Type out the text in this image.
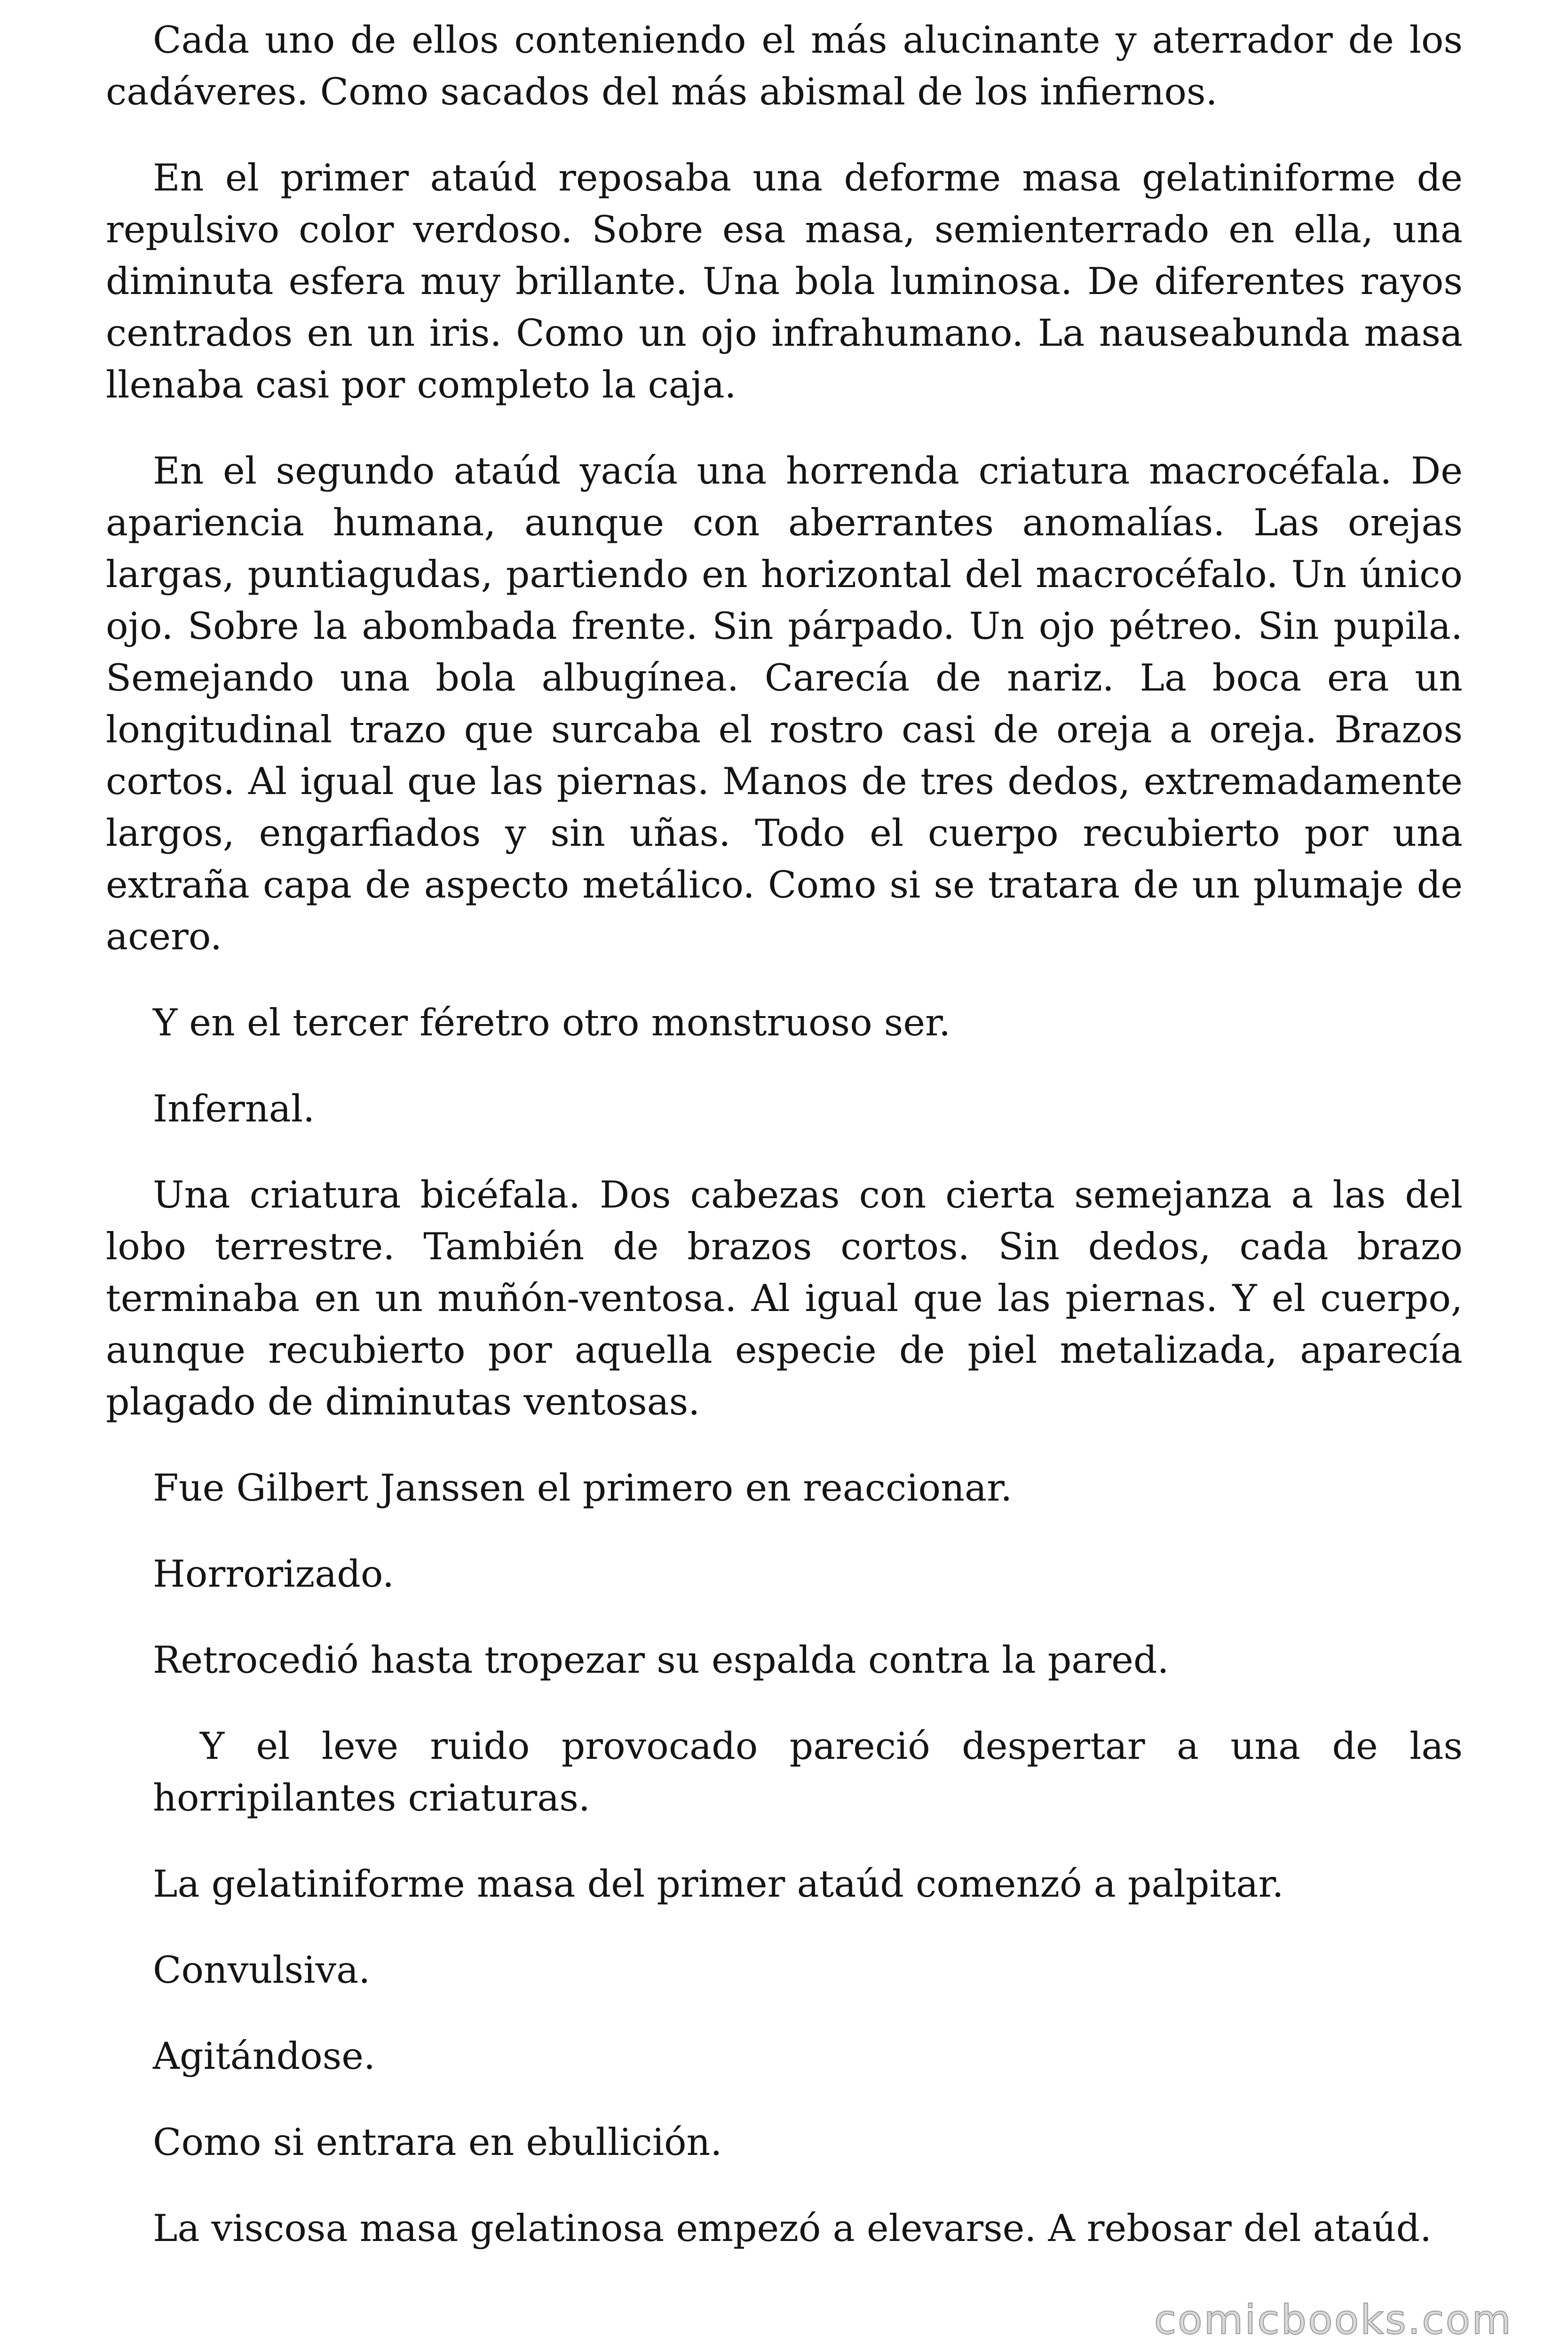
Cada uno de ellos conteniendo el más alucinante y aterrador de los cadáveres. Como sacados del más abismal de los infiernos.

En el primer ataúd reposaba una deforme masa gelatiniforme de repulsivo color verdoso. Sobre esa masa, semienterrado en ella, una diminuta esfera muy brillante. Una bola luminosa. De diferentes rayos centrados en un iris. Como un ojo infrahumano. La nauseabunda masa llenaba casi por completo la caja.

En el segundo ataúd yacía una horrenda criatura macrocéfala. De apariencia humana, aunque con aberrantes anomalías. Las orejas largas, puntiagudas, partiendo en horizontal del macrocéfalo. Un único ojo. Sobre la abombada frente. Sin párpado. Un ojo pétreo. Sin pupila. Semejando una bola albugínea. Carecía de nariz. La boca era un longitudinal trazo que surcaba el rostro casi de oreja a oreja. Brazos cortos. Al igual que las piernas. Manos de tres dedos, extremadamente largos, engarfiados y sin uñas. Todo el cuerpo recubierto por una extraña capa de aspecto metálico. Como si se tratara de un plumaje de acero.

Y en el tercer féretro otro monstruoso ser.

Infernal.

Una criatura bicéfala. Dos cabezas con cierta semejanza a las del lobo terrestre. También de brazos cortos. Sin dedos, cada brazo terminaba en un muñón-ventosa. Al igual que las piernas. Y el cuerpo, aunque recubierto por aquella especie de piel metalizada, aparecía plagado de diminutas ventosas.

Fue Gilbert Janssen el primero en reaccionar.

Horrorizado.

Retrocedió hasta tropezar su espalda contra la pared.

Y el leve ruido provocado pareció despertar a una de las horripilantes criaturas.

La gelatiniforme masa del primer ataúd comenzó a palpitar.

Convulsiva.

Agitándose.

Como si entrara en ebullición.

La viscosa masa gelatinosa empezó a elevarse. A rebosar del ataúd.

comicbooks.com
